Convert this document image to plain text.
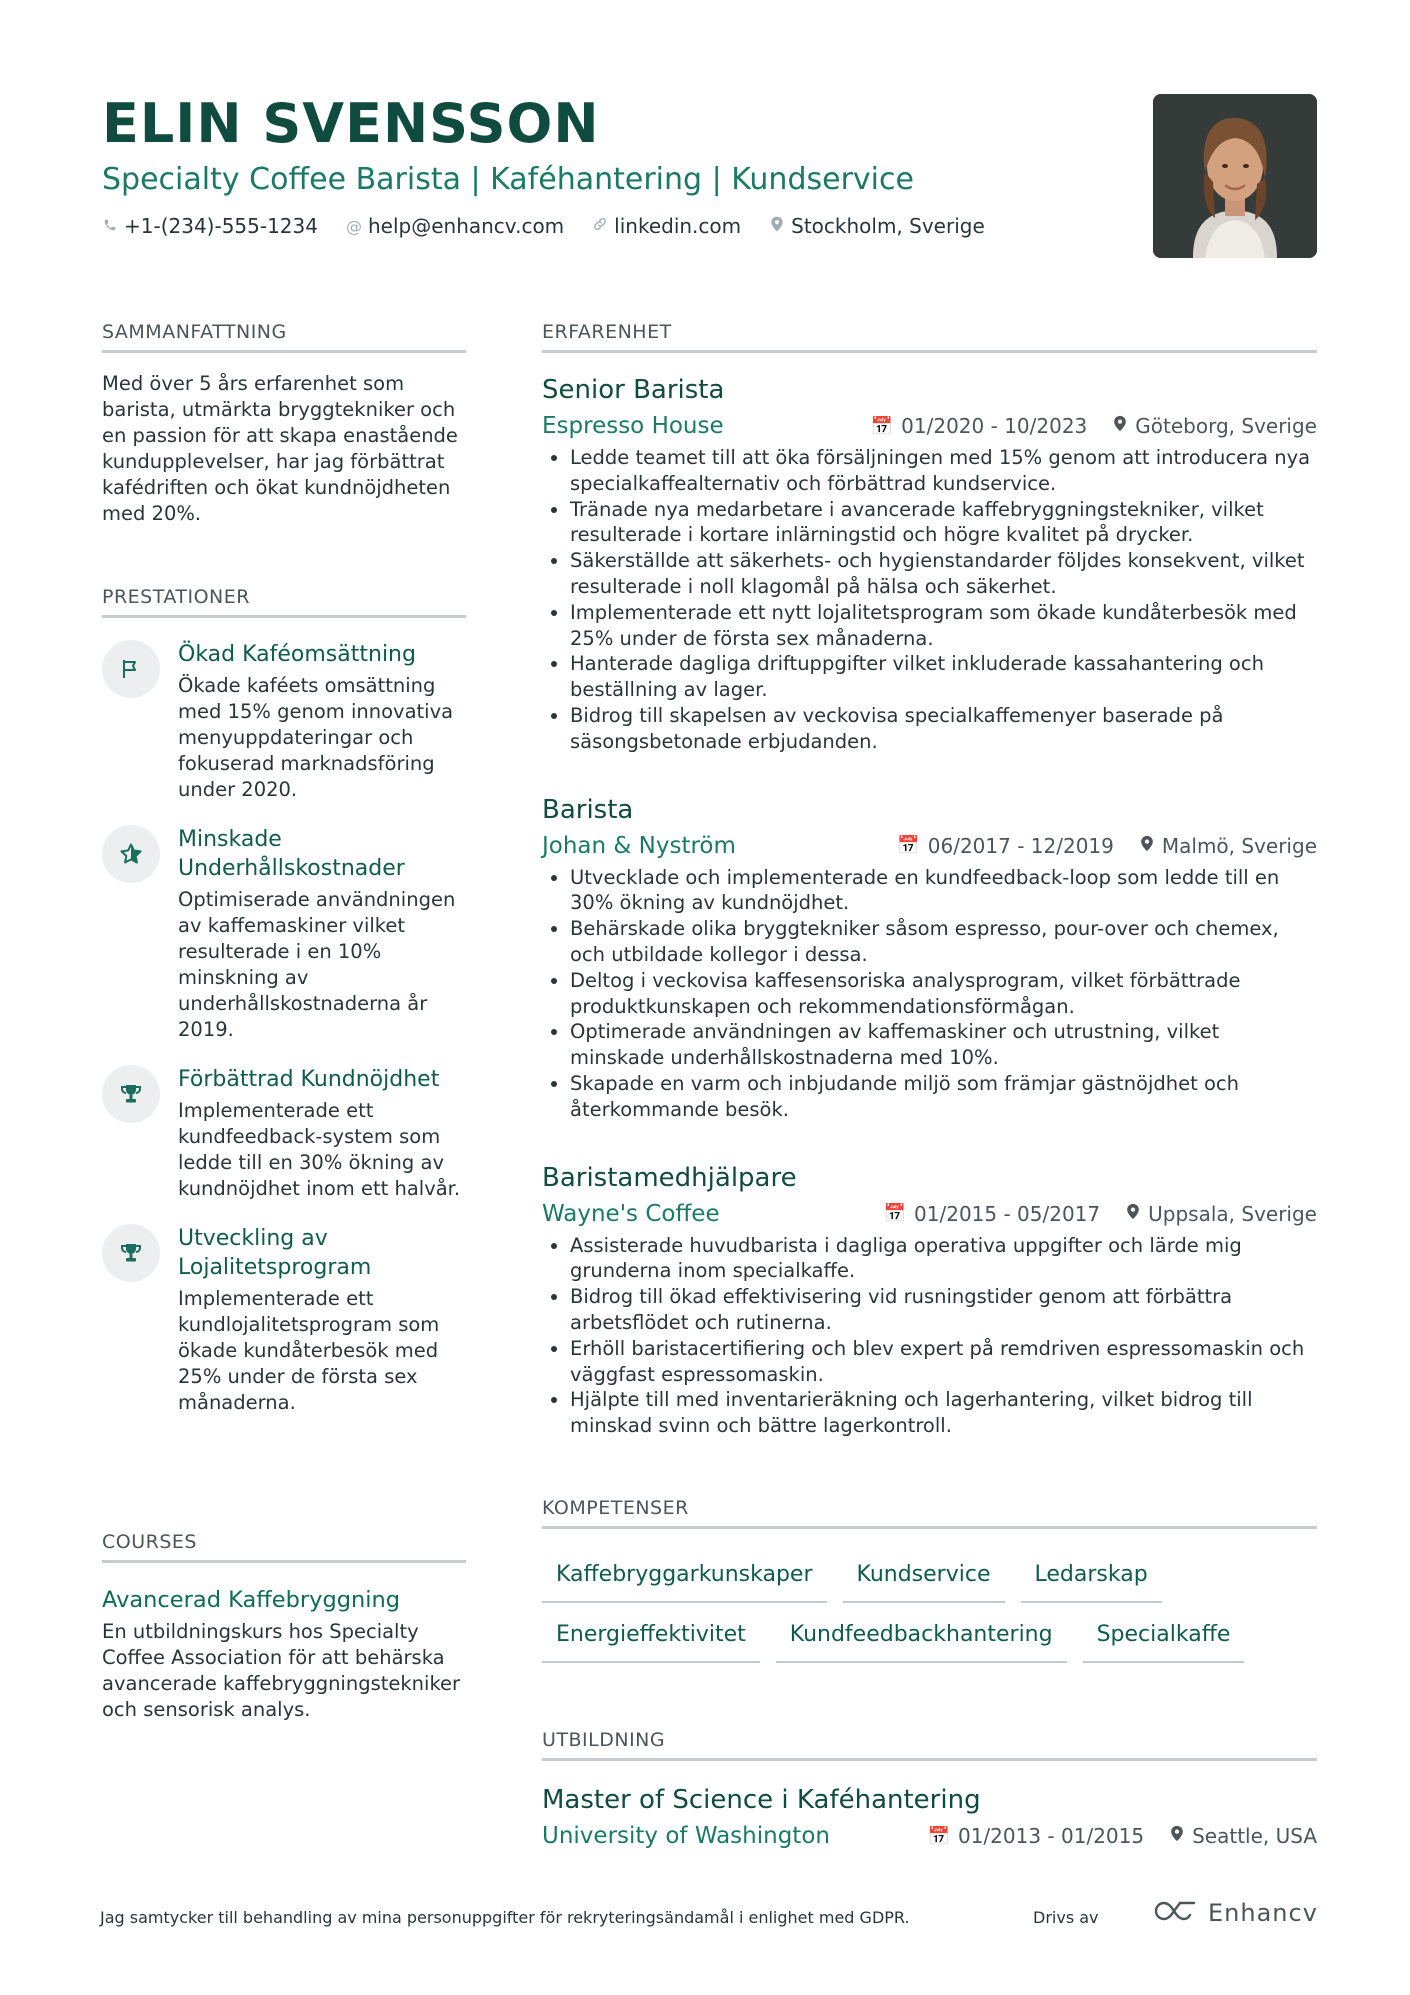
ELIN SVENSSON
Specialty Coffee Barista | Kaféhantering | Kundservice
+1-(234)-555-1234 @ help@enhancv.com	linkedin.com	Stockholm, Sverige
SAMMANFATTNING
Med över 5 års erfarenhet som barista, utmärkta bryggtekniker och en passion för att skapa enastående kundupplevelser, har jag förbättrat kafédriften och ökat kundnöjdheten med 20%.
PRESTATIONER
Ökad Kaféomsättning
Ökade kaféets omsättning med 15% genom innovativa menyuppdateringar och fokuserad marknadsföring under 2020.
Minskade Underhållskostnader
Optimiserade användningen av kaffemaskiner vilket resulterade i en 10% minskning av underhållskostnaderna år 2019.
Förbättrad Kundnöjdhet
Implementerade ett kundfeedback-system som ledde till en 30% ökning av kundnöjdhet inom ett halvår.
Utveckling av Lojalitetsprogram
Implementerade ett kundlojalitetsprogram som ökade kundåterbesök med 25% under de första sex månaderna.
COURSES
Avancerad Kaffebryggning
En utbildningskurs hos Specialty Coffee Association för att behärska avancerade kaffebryggningstekniker och sensorisk analys.
ERFARENHET
Senior Barista
Espresso House	📅 01/2020 - 10/2023 Göteborg, Sverige
• Ledde teamet till att öka försäljningen med 15% genom att introducera nya specialkaffealternativ och förbättrad kundservice.
• Tränade nya medarbetare i avancerade kaffebryggningstekniker, vilket resulterade i kortare inlärningstid och högre kvalitet på drycker.
• Säkerställde att säkerhets- och hygienstandarder följdes konsekvent, vilket resulterade i noll klagomål på hälsa och säkerhet.
• Implementerade ett nytt lojalitetsprogram som ökade kundåterbesök med 25% under de första sex månaderna.
• Hanterade dagliga driftuppgifter vilket inkluderade kassahantering och beställning av lager.
• Bidrog till skapelsen av veckovisa specialkaffemenyer baserade på säsongsbetonade erbjudanden.
Barista
Johan & Nyström	📅 06/2017 - 12/2019 Malmö, Sverige
• Utvecklade och implementerade en kundfeedback-loop som ledde till en 30% ökning av kundnöjdhet.
• Behärskade olika bryggtekniker såsom espresso, pour-over och chemex, och utbildade kollegor i dessa.
• Deltog i veckovisa kaffesensoriska analysprogram, vilket förbättrade produktkunskapen och rekommendationsförmågan.
• Optimerade användningen av kaffemaskiner och utrustning, vilket minskade underhållskostnaderna med 10%.
• Skapade en varm och inbjudande miljö som främjar gästnöjdhet och återkommande besök.
Baristamedhjälpare
Wayne's Coffee	📅 01/2015 - 05/2017 Uppsala, Sverige
• Assisterade huvudbarista i dagliga operativa uppgifter och lärde mig grunderna inom specialkaffe.
• Bidrog till ökad effektivisering vid rusningstider genom att förbättra arbetsflödet och rutinerna.
• Erhöll baristacertifiering och blev expert på remdriven espressomaskin och väggfast espressomaskin.
• Hjälpte till med inventarieräkning och lagerhantering, vilket bidrog till minskad svinn och bättre lagerkontroll.
KOMPETENSER
Kaffebryggarkunskaper	Kundservice	Ledarskap
Energieffektivitet	Kundfeedbackhantering	Specialkaffe
UTBILDNING
Master of Science i Kaféhantering
University of Washington	📅 01/2013 - 01/2015 Seattle, USA
Jag samtycker till behandling av mina personuppgifter för rekryteringsändamål i enlighet med GDPR.	Drivs av	Enhancv
